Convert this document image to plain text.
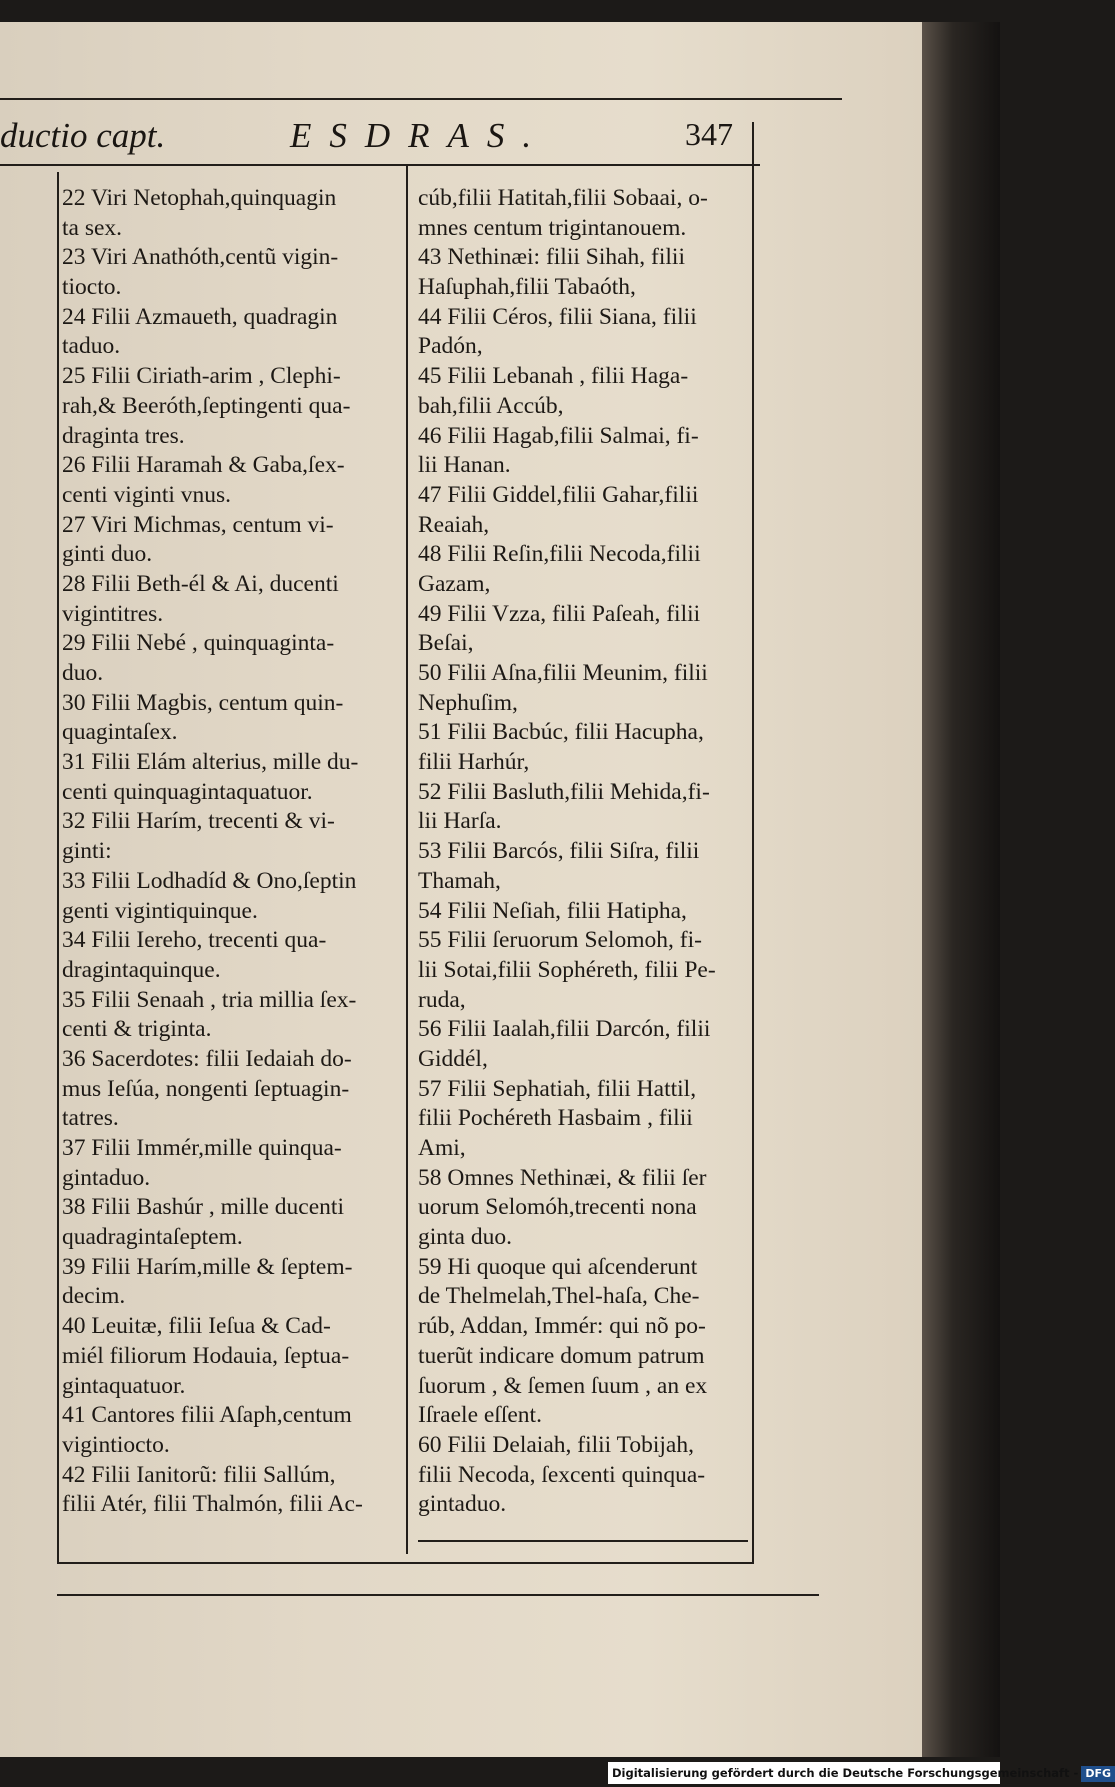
ductio capt.	ESDRAS.	347
22 Viri Netophah,quinquagin
ta sex.
23 Viri Anathóth,centũ vigin-
tiocto.
24 Filii Azmaueth, quadragin
taduo.
25 Filii Ciriath-arim , Clephi-
rah,& Beeróth,ſeptingenti qua-
draginta tres.
26 Filii Haramah & Gaba,ſex-
centi viginti vnus.
27 Viri Michmas, centum vi-
ginti duo.
28 Filii Beth-él & Ai, ducenti
vigintitres.
29 Filii Nebé , quinquaginta-
duo.
30 Filii Magbis, centum quin-
quagintaſex.
31 Filii Elám alterius, mille du-
centi quinquagintaquatuor.
32 Filii Harím, trecenti & vi-
ginti:
33 Filii Lodhadíd & Ono,ſeptin
genti vigintiquinque.
34 Filii Iereho, trecenti qua-
dragintaquinque.
35 Filii Senaah , tria millia ſex-
centi & triginta.
36 Sacerdotes: filii Iedaiah do-
mus Ieſúa, nongenti ſeptuagin-
tatres.
37 Filii Immér,mille quinqua-
gintaduo.
38 Filii Bashúr , mille ducenti
quadragintaſeptem.
39 Filii Harím,mille & ſeptem-
decim.
40 Leuitæ, filii Ieſua & Cad-
miél filiorum Hodauia, ſeptua-
gintaquatuor.
41 Cantores filii Aſaph,centum
vigintiocto.
42 Filii Ianitorũ: filii Sallúm,
filii Atér, filii Thalmón, filii Ac-
cúb,filii Hatitah,filii Sobaai, o-
mnes centum trigintanouem.
43 Nethinæi: filii Sihah, filii
Haſuphah,filii Tabaóth,
44 Filii Céros, filii Siana, filii
Padón,
45 Filii Lebanah , filii Haga-
bah,filii Accúb,
46 Filii Hagab,filii Salmai, fi-
lii Hanan.
47 Filii Giddel,filii Gahar,filii
Reaiah,
48 Filii Reſin,filii Necoda,filii
Gazam,
49 Filii Vzza, filii Paſeah, filii
Beſai,
50 Filii Aſna,filii Meunim, filii
Nephuſim,
51 Filii Bacbúc, filii Hacupha,
filii Harhúr,
52 Filii Basluth,filii Mehida,fi-
lii Harſa.
53 Filii Barcós, filii Siſra, filii
Thamah,
54 Filii Neſiah, filii Hatipha,
55 Filii ſeruorum Selomoh, fi-
lii Sotai,filii Sophéreth, filii Pe-
ruda,
56 Filii Iaalah,filii Darcón, filii
Giddél,
57 Filii Sephatiah, filii Hattil,
filii Pochéreth Hasbaim , filii
Ami,
58 Omnes Nethinæi, & filii ſer
uorum Selomóh,trecenti nona
ginta duo.
59 Hi quoque qui aſcenderunt
de Thelmelah,Thel-haſa, Che-
rúb, Addan, Immér: qui nõ po-
tuerũt indicare domum patrum
ſuorum , & ſemen ſuum , an ex
Iſraele eſſent.
60 Filii Delaiah, filii Tobijah,
filii Necoda, ſexcenti quinqua-
gintaduo.
Digitalisierung gefördert durch die Deutsche Forschungsgemeinschaft - DFG
